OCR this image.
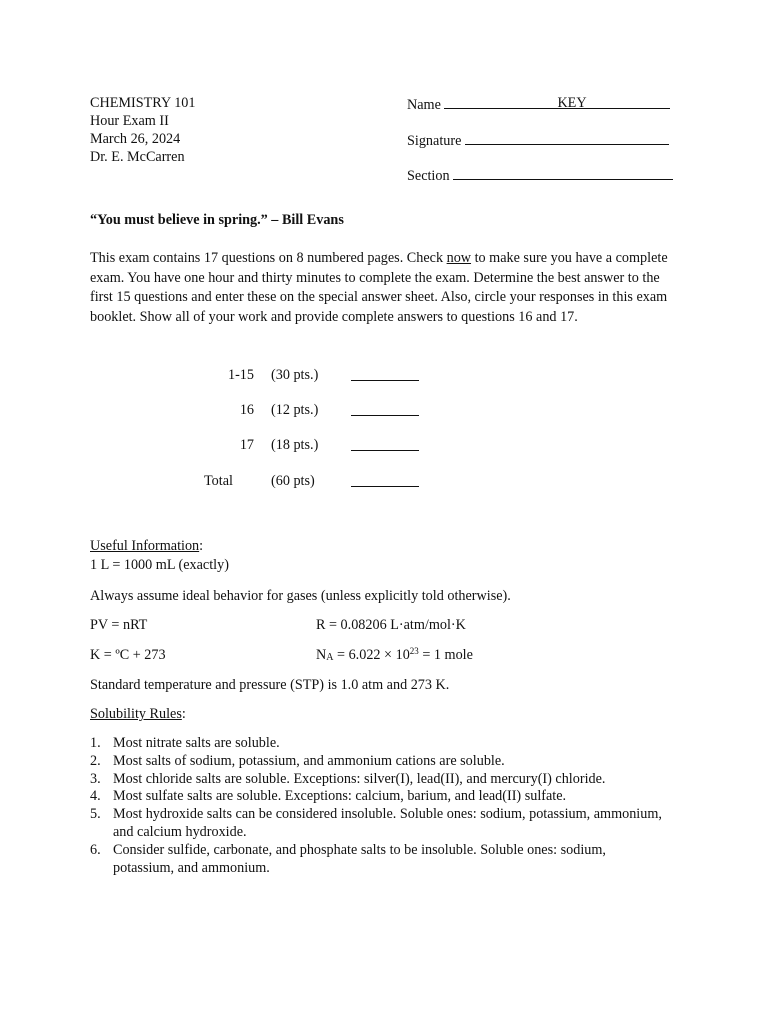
CHEMISTRY 101
Hour Exam II
March 26, 2024
Dr. E. McCarren
Name	KEY
Signature
Section
“You must believe in spring.” – Bill Evans
This exam contains 17 questions on 8 numbered pages. Check now to make sure you have a complete exam. You have one hour and thirty minutes to complete the exam. Determine the best answer to the first 15 questions and enter these on the special answer sheet. Also, circle your responses in this exam booklet. Show all of your work and provide complete answers to questions 16 and 17.
1-15 (30 pts.)
16 (12 pts.)
17 (18 pts.)
Total	(60 pts)
Useful Information:
1 L = 1000 mL (exactly)
Always assume ideal behavior for gases (unless explicitly told otherwise).
PV = nRT	R = 0.08206 L·atm/mol·K
K = ºC + 273	$N_A = 6.022 \times 10^{23} = 1$ mole
Standard temperature and pressure (STP) is 1.0 atm and 273 K.
Solubility Rules:
1. Most nitrate salts are soluble.
2. Most salts of sodium, potassium, and ammonium cations are soluble.
3. Most chloride salts are soluble. Exceptions: silver(I), lead(II), and mercury(I) chloride.
4. Most sulfate salts are soluble. Exceptions: calcium, barium, and lead(II) sulfate.
5. Most hydroxide salts can be considered insoluble. Soluble ones: sodium, potassium, ammonium, and calcium hydroxide.
6. Consider sulfide, carbonate, and phosphate salts to be insoluble. Soluble ones: sodium, potassium, and ammonium.
